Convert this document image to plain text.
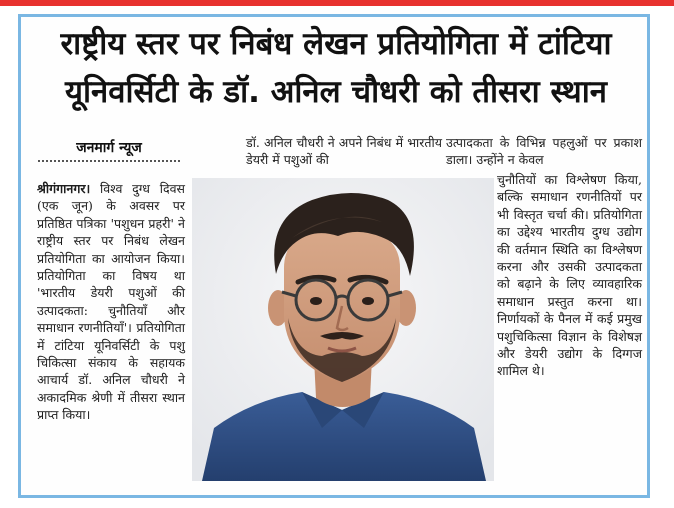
राष्ट्रीय स्तर पर निबंध लेखन प्रतियोगिता में टांटिया
यूनिवर्सिटी के डॉ. अनिल चौधरी को तीसरा स्थान
जनमार्ग न्यूज
श्रीगंगानगर। विश्व दुग्ध दिवस (एक जून) के अवसर पर प्रतिष्ठित पत्रिका 'पशुधन प्रहरी' ने राष्ट्रीय स्तर पर निबंध लेखन प्रतियोगिता का आयोजन किया। प्रतियोगिता का विषय था 'भारतीय डेयरी पशुओं की उत्पादकता: चुनौतियाँ और समाधान रणनीतियाँ'। प्रतियोगिता में टांटिया यूनिवर्सिटी के पशु चिकित्सा संकाय के सहायक आचार्य डॉ. अनिल चौधरी ने अकादमिक श्रेणी में तीसरा स्थान प्राप्त किया।
डॉ. अनिल चौधरी ने अपने निबंध में भारतीय डेयरी में पशुओं की
उत्पादकता के विभिन्न पहलुओं पर प्रकाश डाला। उन्होंने न केवल
चुनौतियों का विश्लेषण किया, बल्कि समाधान रणनीतियों पर भी विस्तृत चर्चा की। प्रतियोगिता का उद्देश्य भारतीय दुग्ध उद्योग की वर्तमान स्थिति का विश्लेषण करना और उसकी उत्पादकता को बढ़ाने के लिए व्यावहारिक समाधान प्रस्तुत करना था। निर्णायकों के पैनल में कई प्रमुख पशुचिकित्सा विज्ञान के विशेषज्ञ और डेयरी उद्योग के दिग्गज शामिल थे।
